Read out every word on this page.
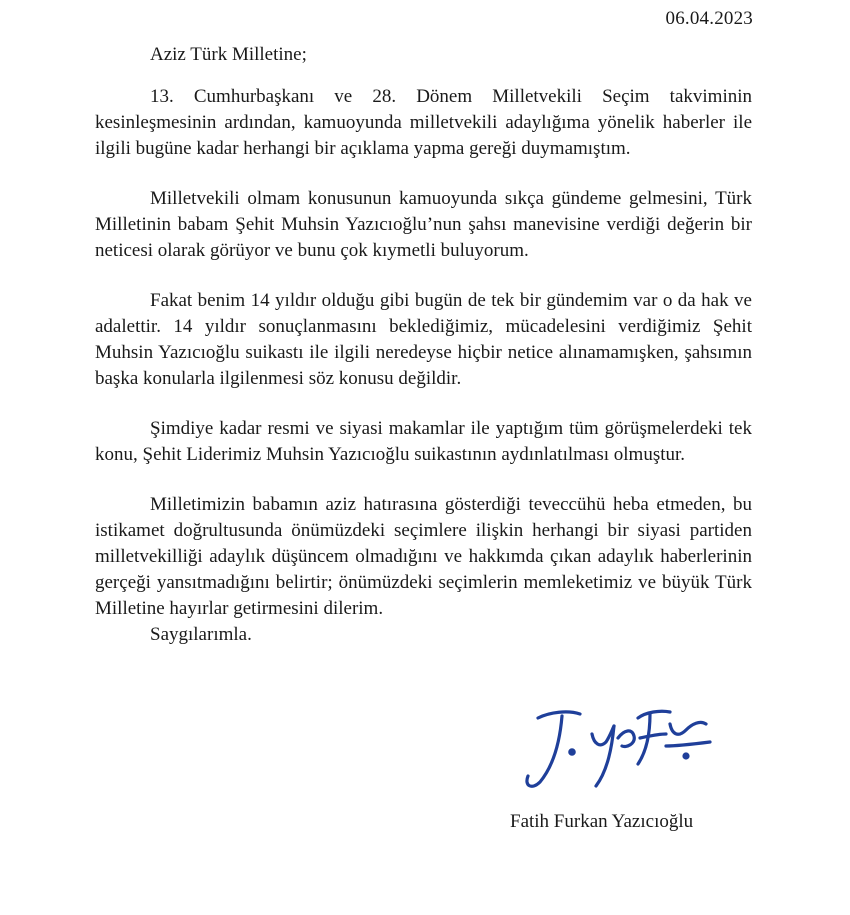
06.04.2023
Aziz Türk Milletine;

13. Cumhurbaşkanı ve 28. Dönem Milletvekili Seçim takviminin kesinleşmesinin ardından, kamuoyunda milletvekili adaylığıma yönelik haberler ile ilgili bugüne kadar herhangi bir açıklama yapma gereği duymamıştım.

Milletvekili olmam konusunun kamuoyunda sıkça gündeme gelmesini, Türk Milletinin babam Şehit Muhsin Yazıcıoğlu’nun şahsı manevisine verdiği değerin bir neticesi olarak görüyor ve bunu çok kıymetli buluyorum.

Fakat benim 14 yıldır olduğu gibi bugün de tek bir gündemim var o da hak ve adalettir. 14 yıldır sonuçlanmasını beklediğimiz, mücadelesini verdiğimiz Şehit Muhsin Yazıcıoğlu suikastı ile ilgili neredeyse hiçbir netice alınamamışken, şahsımın başka konularla ilgilenmesi söz konusu değildir.

Şimdiye kadar resmi ve siyasi makamlar ile yaptığım tüm görüşmelerdeki tek konu, Şehit Liderimiz Muhsin Yazıcıoğlu suikastının aydınlatılması olmuştur.

Milletimizin babamın aziz hatırasına gösterdiği teveccühü heba etmeden, bu istikamet doğrultusunda önümüzdeki seçimlere ilişkin herhangi bir siyasi partiden milletvekilliği adaylık düşüncem olmadığını ve hakkımda çıkan adaylık haberlerinin gerçeği yansıtmadığını belirtir; önümüzdeki seçimlerin memleketimiz ve büyük Türk Milletine hayırlar getirmesini dilerim.

Saygılarımla.
Fatih Furkan Yazıcıoğlu
